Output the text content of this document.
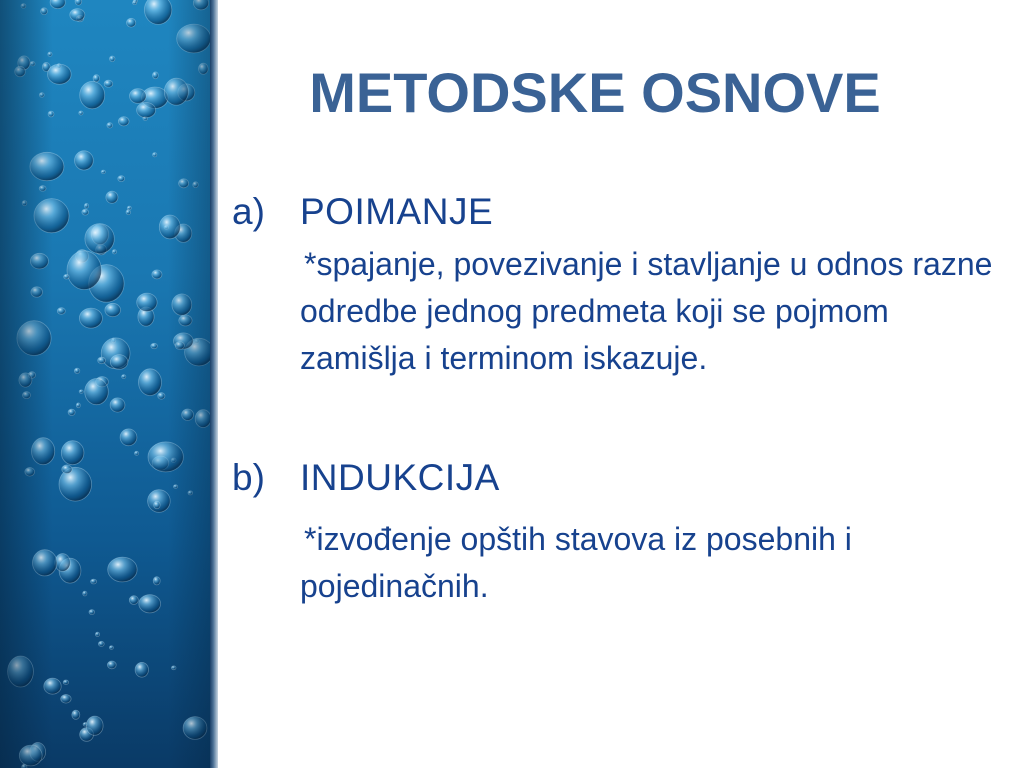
METODSKE OSNOVE
a) POIMANJE

*spajanje, povezivanje i stavljanje u odnos razne odredbe jednog predmeta koji se pojmom zamišlja i terminom iskazuje.

b) INDUKCIJA

*izvođenje opštih stavova iz posebnih i pojedinačnih.
